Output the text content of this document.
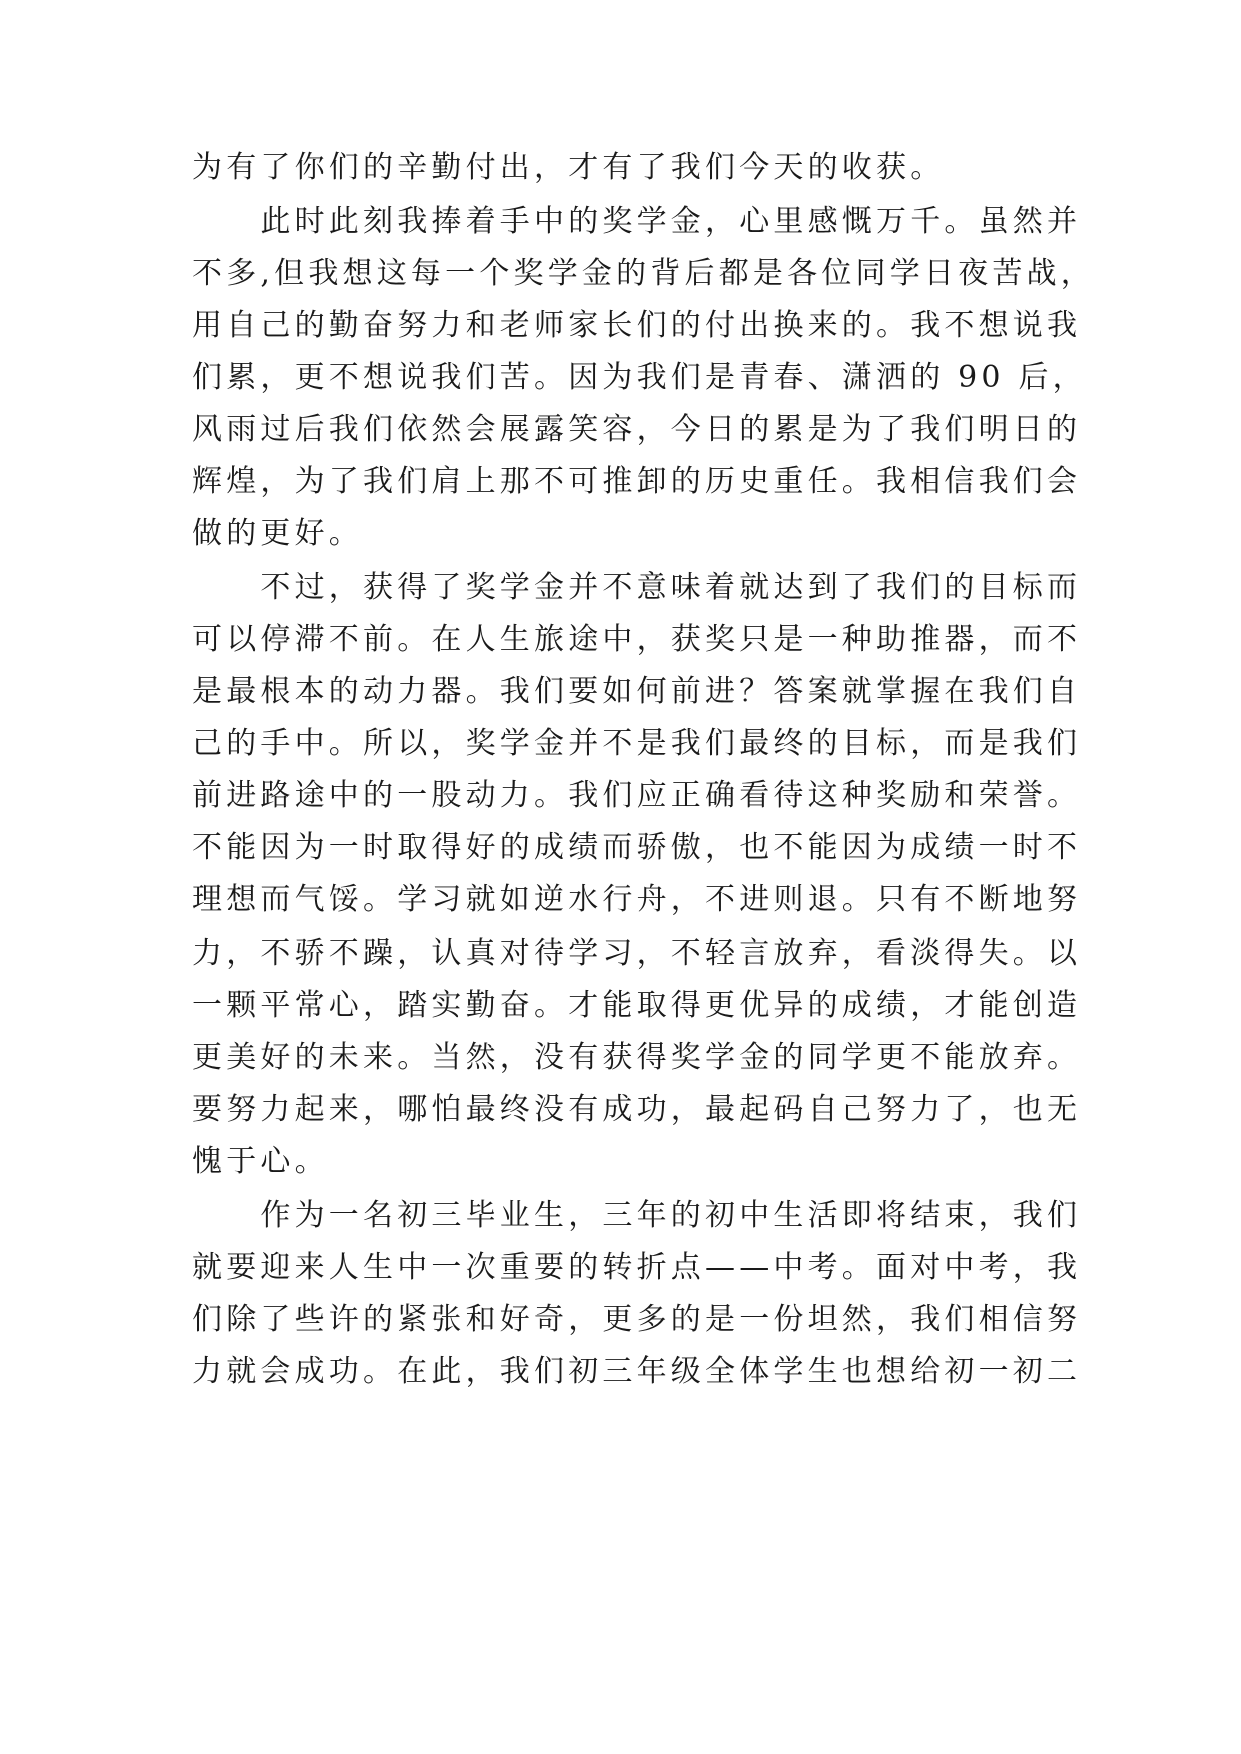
为有了你们的辛勤付出，才有了我们今天的收获。
　　此时此刻我捧着手中的奖学金，心里感慨万千。虽然并
不多,但我想这每一个奖学金的背后都是各位同学日夜苦战，
用自己的勤奋努力和老师家长们的付出换来的。我不想说我
们累，更不想说我们苦。因为我们是青春、潇洒的 90 后，
风雨过后我们依然会展露笑容，今日的累是为了我们明日的
辉煌，为了我们肩上那不可推卸的历史重任。我相信我们会
做的更好。
　　不过，获得了奖学金并不意味着就达到了我们的目标而
可以停滞不前。在人生旅途中，获奖只是一种助推器，而不
是最根本的动力器。我们要如何前进？答案就掌握在我们自
己的手中。所以，奖学金并不是我们最终的目标，而是我们
前进路途中的一股动力。我们应正确看待这种奖励和荣誉。
不能因为一时取得好的成绩而骄傲，也不能因为成绩一时不
理想而气馁。学习就如逆水行舟，不进则退。只有不断地努
力，不骄不躁，认真对待学习，不轻言放弃，看淡得失。以
一颗平常心，踏实勤奋。才能取得更优异的成绩，才能创造
更美好的未来。当然，没有获得奖学金的同学更不能放弃。
要努力起来，哪怕最终没有成功，最起码自己努力了，也无
愧于心。
　　作为一名初三毕业生，三年的初中生活即将结束，我们
就要迎来人生中一次重要的转折点——中考。面对中考，我
们除了些许的紧张和好奇，更多的是一份坦然，我们相信努
力就会成功。在此，我们初三年级全体学生也想给初一初二
